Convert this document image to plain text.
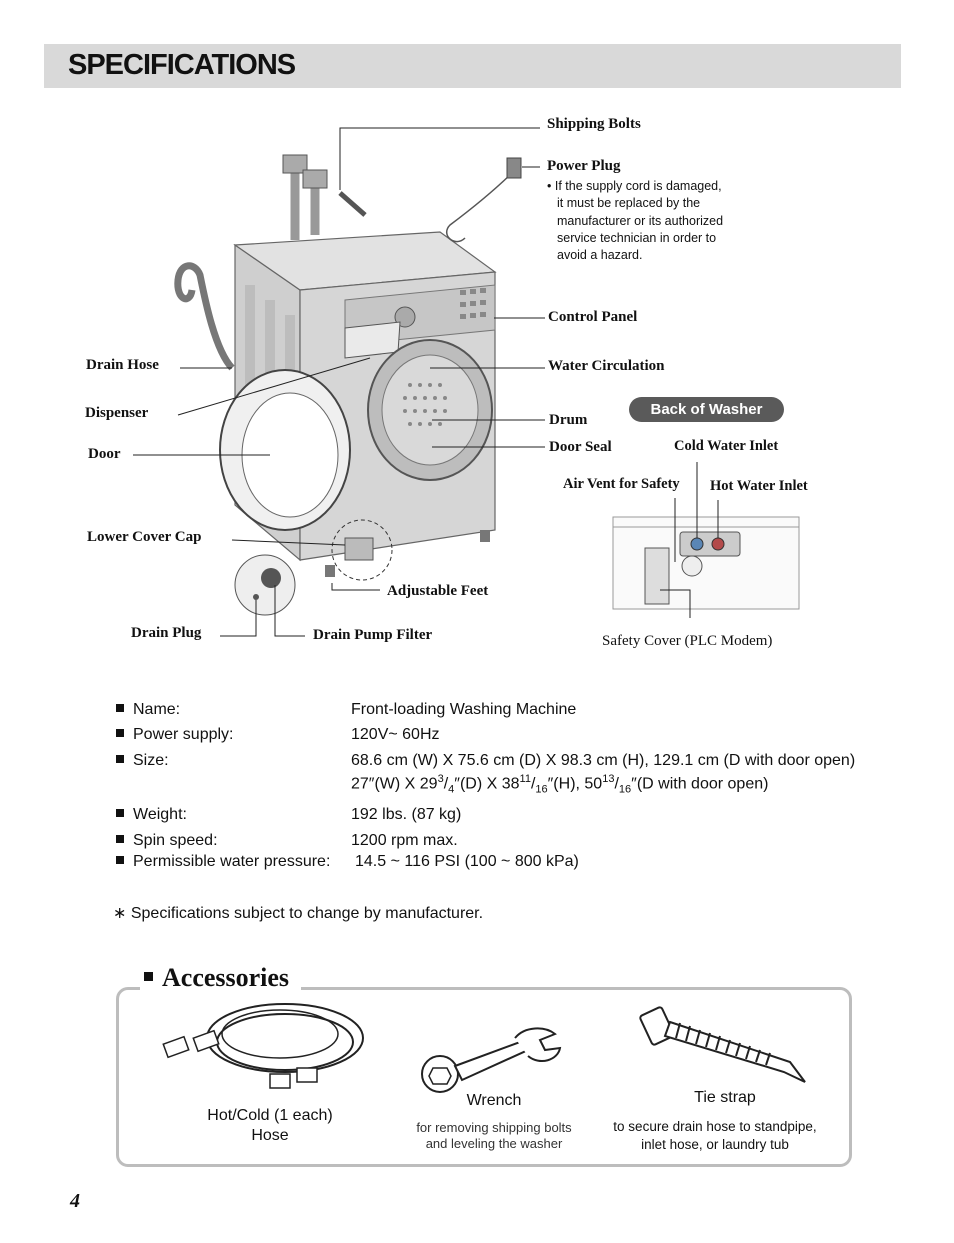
SPECIFICATIONS
Shipping Bolts
Power Plug
• If the supply cord is damaged,
it must be replaced by the
manufacturer or its authorized
service technician in order to
avoid a hazard.
Control Panel
Water Circulation
Drum
Door Seal
Drain Hose
Dispenser
Door
Lower Cover Cap
Adjustable Feet
Drain Plug	Drain Pump Filter
Back of Washer
Cold Water Inlet
Air Vent for Safety Hot Water Inlet
Safety Cover (PLC Modem)
Name:	Front-loading Washing Machine
Power supply:	120V~ 60Hz
Size:	68.6 cm (W) X 75.6 cm (D) X 98.3 cm (H), 129.1 cm (D with door open)
27″(W) X $29^3/_4''(D)$ X $38^{11}/_{16}''(H)$, $50^{13}/_{16}''(D$ with door open)
Weight:	192 lbs. (87 kg)
Spin speed:	1200 rpm max.
Permissible water pressure: 14.5 ~ 116 PSI (100 ~ 800 kPa)
∗ Specifications subject to change by manufacturer.
Accessories
Hot/Cold (1 each)
Hose
Wrench
for removing shipping bolts
and leveling the washer
Tie strap
to secure drain hose to standpipe,
inlet hose, or laundry tub
4
